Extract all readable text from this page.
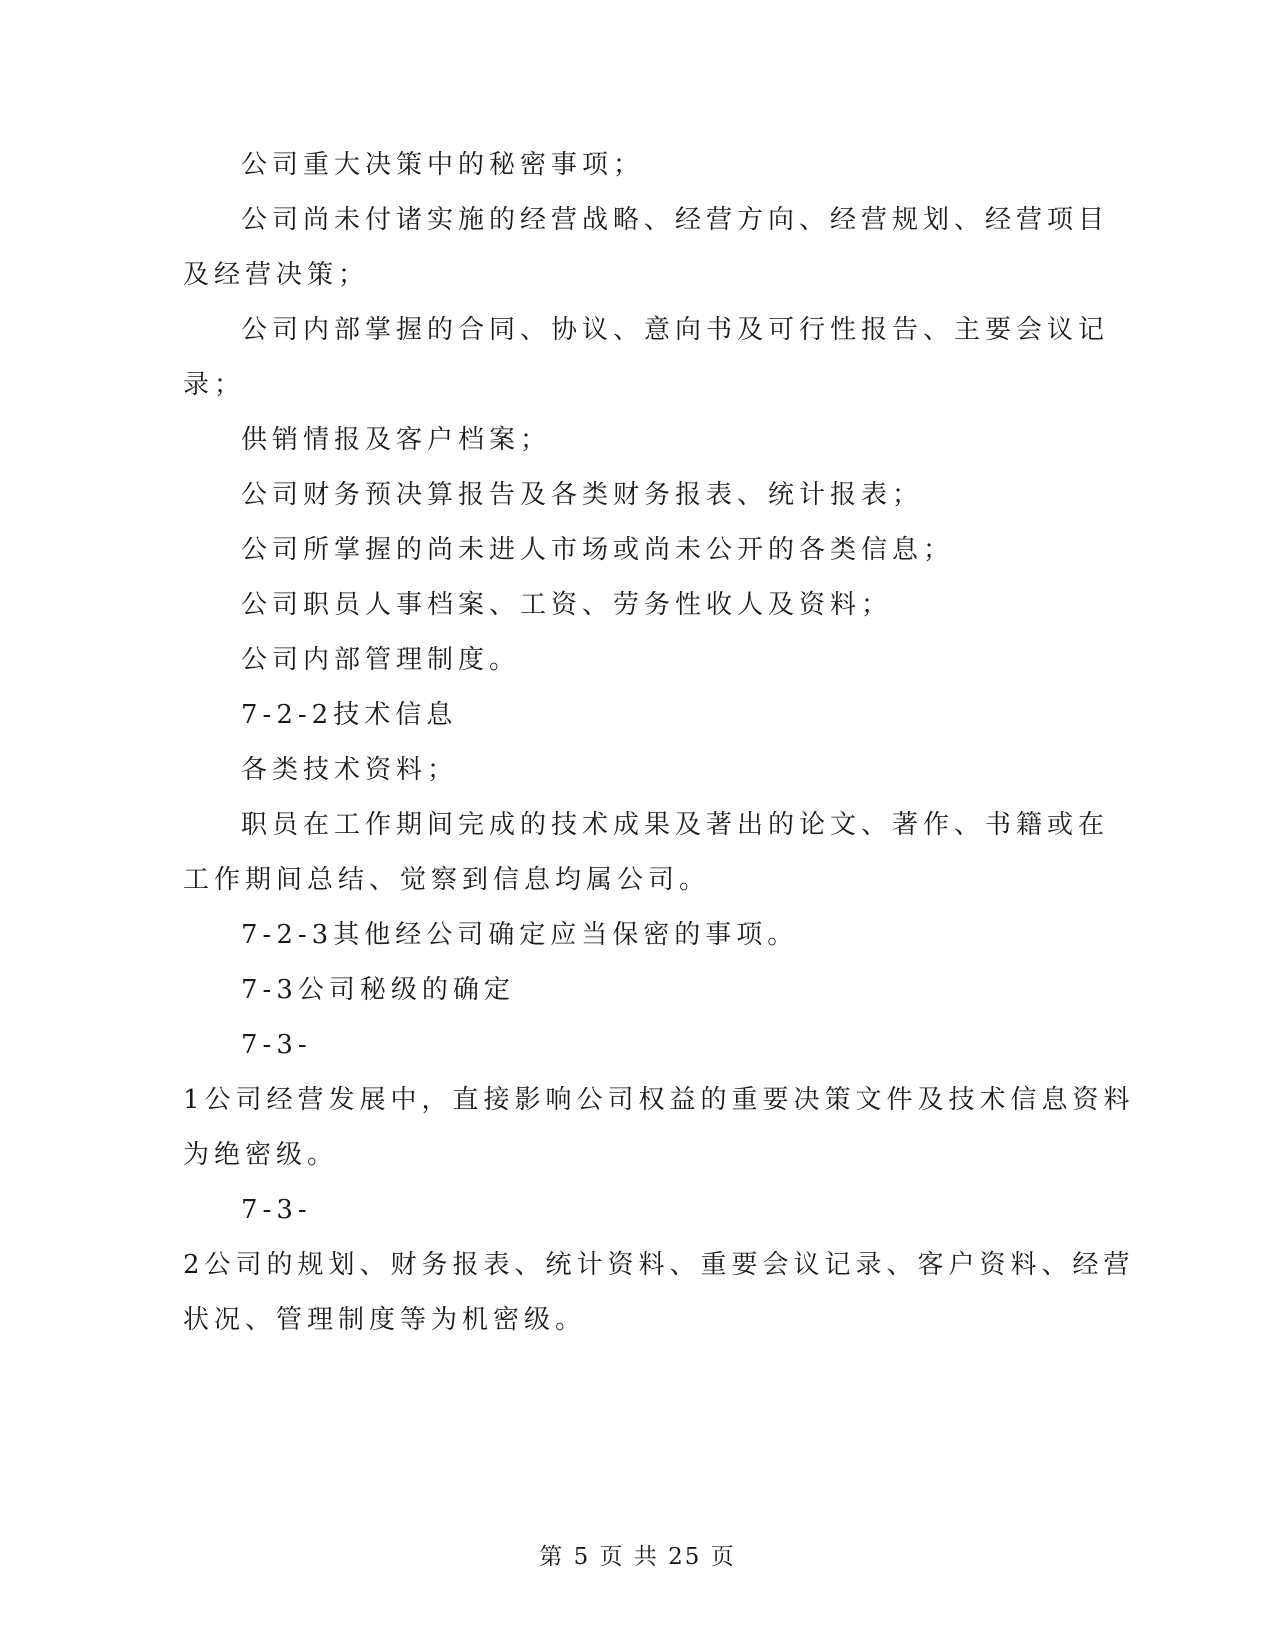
公司重大决策中的秘密事项；
公司尚未付诸实施的经营战略、经营方向、经营规划、经营项目
及经营决策；
公司内部掌握的合同、协议、意向书及可行性报告、主要会议记
录；
供销情报及客户档案；
公司财务预决算报告及各类财务报表、统计报表；
公司所掌握的尚未进人市场或尚未公开的各类信息；
公司职员人事档案、工资、劳务性收人及资料；
公司内部管理制度。
7-2-2技术信息
各类技术资料；
职员在工作期间完成的技术成果及著出的论文、著作、书籍或在
工作期间总结、觉察到信息均属公司。
7-2-3其他经公司确定应当保密的事项。
7-3公司秘级的确定
7-3-
1公司经营发展中，直接影响公司权益的重要决策文件及技术信息资料
为绝密级。
7-3-
2公司的规划、财务报表、统计资料、重要会议记录、客户资料、经营
状况、管理制度等为机密级。
第 5 页 共 25 页
